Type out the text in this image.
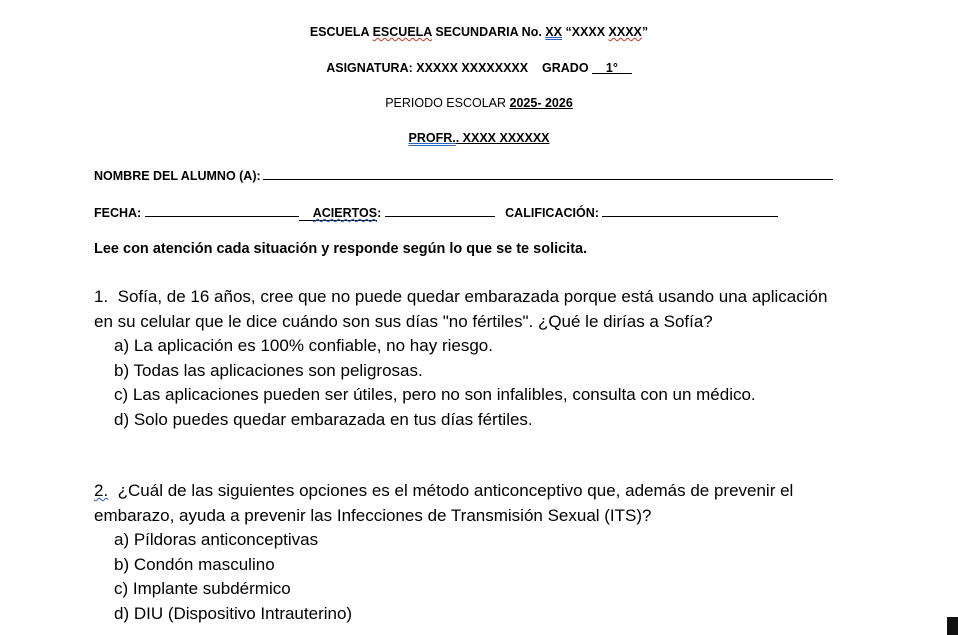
ESCUELA ESCUELA SECUNDARIA No. XX “XXXX XXXX”
ASIGNATURA: XXXXX XXXXXXXX GRADO __1°__
PERIODO ESCOLAR 2025- 2026
PROFR.. XXXX XXXXXX
NOMBRE DEL ALUMNO (A):
FECHA:	ACIERTOS:	CALIFICACIÓN:
Lee con atención cada situación y responde según lo que se te solicita.
1. Sofía, de 16 años, cree que no puede quedar embarazada porque está usando una aplicación en su celular que le dice cuándo son sus días "no fértiles". ¿Qué le dirías a Sofía?
a) La aplicación es 100% confiable, no hay riesgo.
b) Todas las aplicaciones son peligrosas.
c) Las aplicaciones pueden ser útiles, pero no son infalibles, consulta con un médico.
d) Solo puedes quedar embarazada en tus días fértiles.
2. ¿Cuál de las siguientes opciones es el método anticonceptivo que, además de prevenir el embarazo, ayuda a prevenir las Infecciones de Transmisión Sexual (ITS)?
a) Píldoras anticonceptivas
b) Condón masculino
c) Implante subdérmico
d) DIU (Dispositivo Intrauterino)
